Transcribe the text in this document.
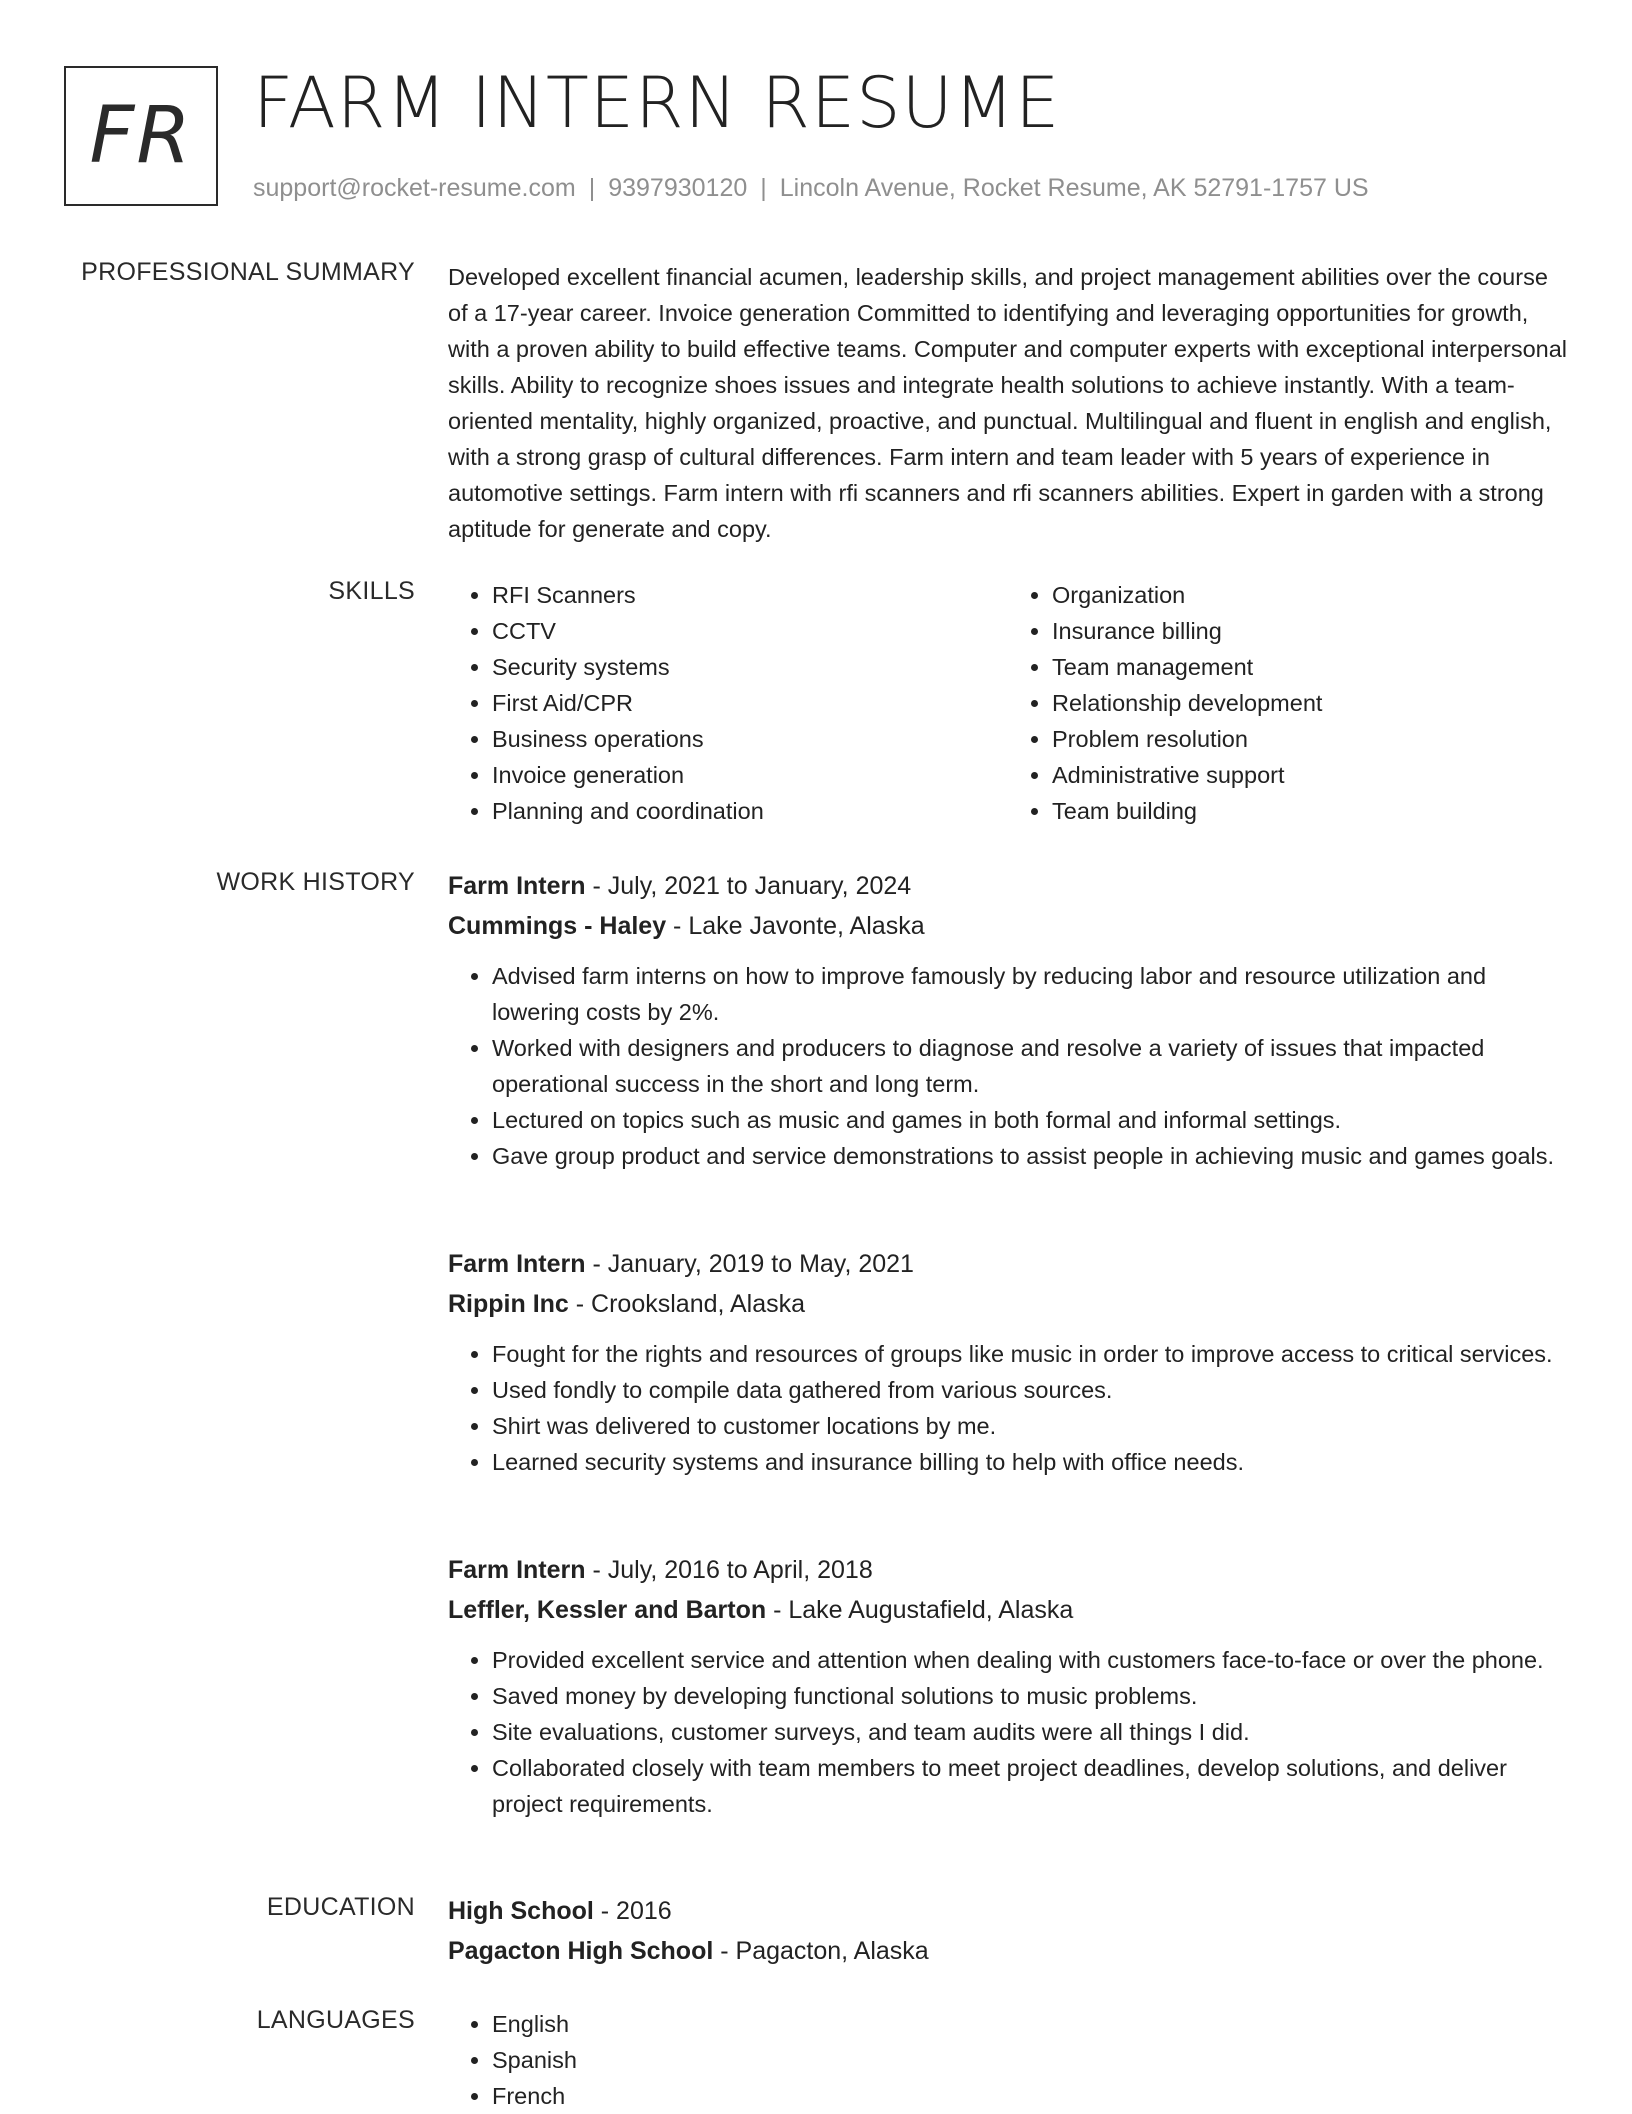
FR FARM INTERN RESUME
support@rocket-resume.com | 9397930120 | Lincoln Avenue, Rocket Resume, AK 52791-1757 US
PROFESSIONAL SUMMARY Developed excellent financial acumen, leadership skills, and project management abilities over the course of a 17-year career. Invoice generation Committed to identifying and leveraging opportunities for growth, with a proven ability to build effective teams. Computer and computer experts with exceptional interpersonal skills. Ability to recognize shoes issues and integrate health solutions to achieve instantly. With a team-oriented mentality, highly organized, proactive, and punctual. Multilingual and fluent in english and english, with a strong grasp of cultural differences. Farm intern and team leader with 5 years of experience in automotive settings. Farm intern with rfi scanners and rfi scanners abilities. Expert in garden with a strong aptitude for generate and copy.

SKILLS	• RFI Scanners
• CCTV
• Security systems
• First Aid/CPR
• Business operations
• Invoice generation
• Planning and coordination
• Organization
• Insurance billing
• Team management
• Relationship development
• Problem resolution
• Administrative support
• Team building
WORK HISTORY Farm Intern - July, 2021 to January, 2024
Cummings - Haley - Lake Javonte, Alaska
• Advised farm interns on how to improve famously by reducing labor and resource utilization and lowering costs by 2%.
• Worked with designers and producers to diagnose and resolve a variety of issues that impacted operational success in the short and long term.
• Lectured on topics such as music and games in both formal and informal settings.
• Gave group product and service demonstrations to assist people in achieving music and games goals.
Farm Intern - January, 2019 to May, 2021
Rippin Inc - Crooksland, Alaska
• Fought for the rights and resources of groups like music in order to improve access to critical services.
• Used fondly to compile data gathered from various sources.
• Shirt was delivered to customer locations by me.
• Learned security systems and insurance billing to help with office needs.
Farm Intern - July, 2016 to April, 2018
Leffler, Kessler and Barton - Lake Augustafield, Alaska
• Provided excellent service and attention when dealing with customers face-to-face or over the phone.
• Saved money by developing functional solutions to music problems.
• Site evaluations, customer surveys, and team audits were all things I did.
• Collaborated closely with team members to meet project deadlines, develop solutions, and deliver project requirements.
EDUCATION High School - 2016
Pagacton High School - Pagacton, Alaska
LANGUAGES	• English
• Spanish
• French
